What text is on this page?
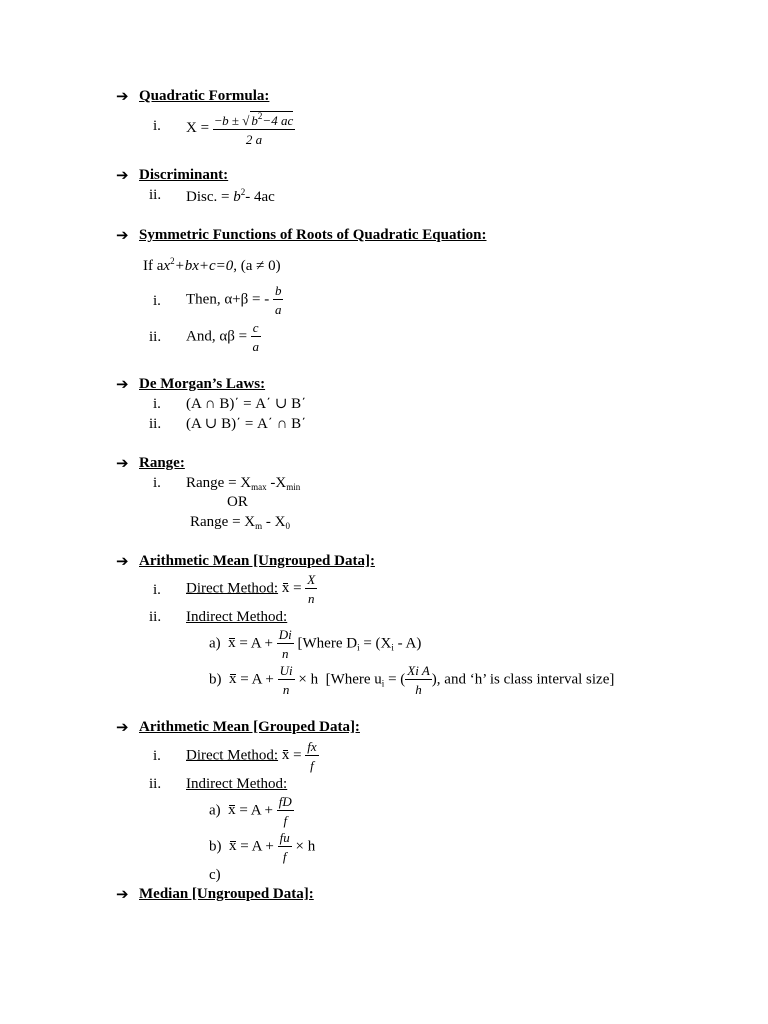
➔ Quadratic Formula:
i. $X = \frac{-b \pm √ b^2-4 ac}{2 a}$
➔ Discriminant:
ii. Disc. = $b^2-$ 4ac
➔ Symmetric Functions of Roots of Quadratic Equation:
If $ax^2+bx+c=0$, (a ≠ 0)
i. Then, α+β = - $\frac{b}{a}$
ii. And, $\alpha\beta = \frac{c}{a}$
➔ De Morgan’s Laws:
i. (A ∩ B)΄ = A΄ ∪ B΄
ii. (A ∪ B)΄ = A΄ ∩ B΄
➔ Range:
i. Range = $X_{max}$ $-X_{min}$
OR
Range = $X_m - X_0$
➔ Arithmetic Mean [Ungrouped Data]:
i. Direct Method: $x = \frac{X}{n}$
ii. Indirect Method:
a) $x = A + \frac{Di}{n}$ [Where $D_i = (X_i - A)$
b) $x = A + \frac{Ui}{n} \times h$ [Where $u_i$ = ( $\frac{\text{Xi A}}{h}$ ), and ‘h’ is class interval size]
➔ Arithmetic Mean [Grouped Data]:
i. Direct Method: $x = \frac{fx}{f}$
ii. Indirect Method:
a) $x = A + \frac{fD}{f}$
b) $x = A + \frac{fu}{f} \times h$
c)
➔ Median [Ungrouped Data]:
